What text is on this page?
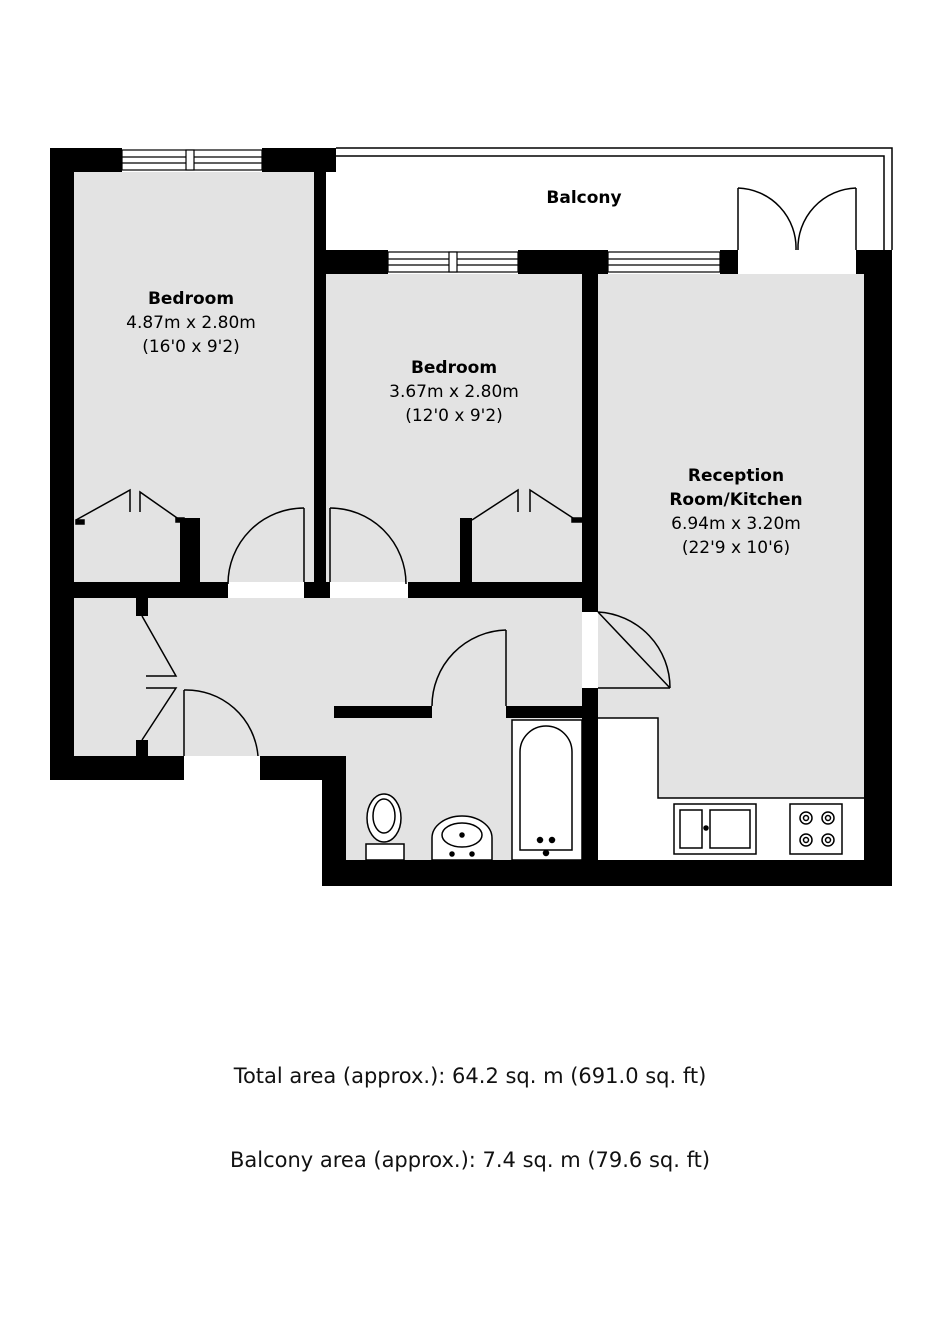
Balcony
Bedroom
4.87m x 2.80m
(16'0 x 9'2)
Bedroom
3.67m x 2.80m
(12'0 x 9'2)
Reception
Room/Kitchen
6.94m x 3.20m
(22'9 x 10'6)
Total area (approx.): 64.2 sq. m (691.0 sq. ft)
Balcony area (approx.): 7.4 sq. m (79.6 sq. ft)
